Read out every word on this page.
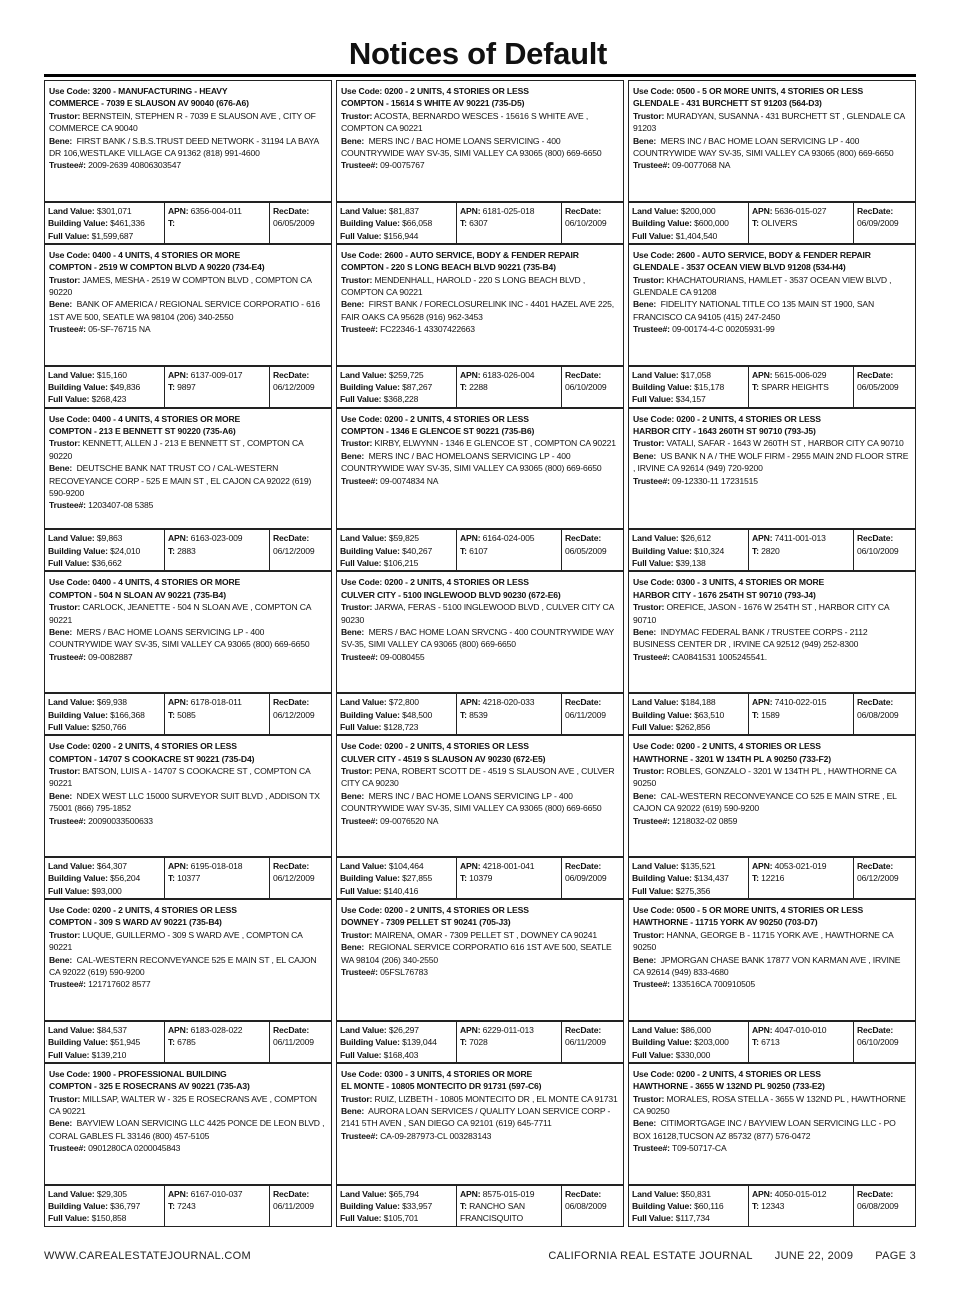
Notices of Default
Use Code: 3200 - MANUFACTURING - HEAVY
COMMERCE - 7039 E SLAUSON AV 90040 (676-A6)
Trustor: BERNSTEIN, STEPHEN R - 7039 E SLAUSON AVE , CITY OF COMMERCE CA 90040
Bene: FIRST BANK / S.B.S.TRUST DEED NETWORK - 31194 LA BAYA DR 106,WESTLAKE VILLAGE CA 91362 (818) 991-4600
Trustee#: 2009-2639 40806303547
Land Value: $301,071
Building Value: $461,336
Full Value: $1,599,687
APN: 6356-004-011
T:
RecDate:
06/05/2009
Use Code: 0200 - 2 UNITS, 4 STORIES OR LESS
COMPTON - 15614 S WHITE AV 90221 (735-D5)
Trustor: ACOSTA, BERNARDO WESCES - 15616 S WHITE AVE , COMPTON CA 90221
Bene: MERS INC / BAC HOME LOANS SERVICING - 400 COUNTRYWIDE WAY SV-35, SIMI VALLEY CA 93065 (800) 669-6650
Trustee#: 09-0075767
Land Value: $81,837
Building Value: $66,058
Full Value: $156,944
APN: 6181-025-018
T: 6307
RecDate:
06/10/2009
Use Code: 0500 - 5 OR MORE UNITS, 4 STORIES OR LESS
GLENDALE - 431 BURCHETT ST 91203 (564-D3)
Trustor: MURADYAN, SUSANNA - 431 BURCHETT ST , GLENDALE CA 91203
Bene: MERS INC / BAC HOME LOAN SERVICING LP - 400 COUNTRYWIDE WAY SV-35, SIMI VALLEY CA 93065 (800) 669-6650
Trustee#: 09-0077068 NA
Land Value: $200,000
Building Value: $600,000
Full Value: $1,404,540
APN: 5636-015-027
T: OLIVERS
RecDate:
06/09/2009
Use Code: 0400 - 4 UNITS, 4 STORIES OR MORE
COMPTON - 2519 W COMPTON BLVD A 90220 (734-E4)
Trustor: JAMES, MESHA - 2519 W COMPTON BLVD , COMPTON CA 90220
Bene: BANK OF AMERICA / REGIONAL SERVICE CORPORATIO - 616 1ST AVE 500, SEATLE WA 98104 (206) 340-2550
Trustee#: 05-SF-76715 NA
Land Value: $15,160
Building Value: $49,836
Full Value: $268,423
APN: 6137-009-017
T: 9897
RecDate:
06/12/2009
Use Code: 2600 - AUTO SERVICE, BODY & FENDER REPAIR
COMPTON - 220 S LONG BEACH BLVD 90221 (735-B4)
Trustor: MENDENHALL, HAROLD - 220 S LONG BEACH BLVD , COMPTON CA 90221
Bene: FIRST BANK / FORECLOSURELINK INC - 4401 HAZEL AVE 225, FAIR OAKS CA 95628 (916) 962-3453
Trustee#: FC22346-1 43307422663
Land Value: $259,725
Building Value: $87,267
Full Value: $368,228
APN: 6183-026-004
T: 2288
RecDate:
06/10/2009
Use Code: 2600 - AUTO SERVICE, BODY & FENDER REPAIR
GLENDALE - 3537 OCEAN VIEW BLVD 91208 (534-H4)
Trustor: KHACHATOURIANS, HAMLET - 3537 OCEAN VIEW BLVD , GLENDALE CA 91208
Bene: FIDELITY NATIONAL TITLE CO 135 MAIN ST 1900, SAN FRANCISCO CA 94105 (415) 247-2450
Trustee#: 09-00174-4-C 00205931-99
Land Value: $17,058
Building Value: $15,178
Full Value: $34,157
APN: 5615-006-029
T: SPARR HEIGHTS
RecDate:
06/05/2009
Use Code: 0400 - 4 UNITS, 4 STORIES OR MORE
COMPTON - 213 E BENNETT ST 90220 (735-A6)
Trustor: KENNETT, ALLEN J - 213 E BENNETT ST , COMPTON CA 90220
Bene: DEUTSCHE BANK NAT TRUST CO / CAL-WESTERN RECOVEYANCE CORP - 525 E MAIN ST , EL CAJON CA 92022 (619) 590-9200
Trustee#: 1203407-08 5385
Land Value: $9,863
Building Value: $24,010
Full Value: $36,662
APN: 6163-023-009
T: 2883
RecDate:
06/12/2009
Use Code: 0200 - 2 UNITS, 4 STORIES OR LESS
COMPTON - 1346 E GLENCOE ST 90221 (735-B6)
Trustor: KIRBY, ELWYNN - 1346 E GLENCOE ST , COMPTON CA 90221
Bene: MERS INC / BAC HOMELOANS SERVICING LP - 400 COUNTRYWIDE WAY SV-35, SIMI VALLEY CA 93065 (800) 669-6650
Trustee#: 09-0074834 NA
Land Value: $59,825
Building Value: $40,267
Full Value: $106,215
APN: 6164-024-005
T: 6107
RecDate:
06/05/2009
Use Code: 0200 - 2 UNITS, 4 STORIES OR LESS
HARBOR CITY - 1643 260TH ST 90710 (793-J5)
Trustor: VATALI, SAFAR - 1643 W 260TH ST , HARBOR CITY CA 90710
Bene: US BANK N A / THE WOLF FIRM - 2955 MAIN 2ND FLOOR STRE , IRVINE CA 92614 (949) 720-9200
Trustee#: 09-12330-11 17231515
Land Value: $26,612
Building Value: $10,324
Full Value: $39,138
APN: 7411-001-013
T: 2820
RecDate:
06/10/2009
Use Code: 0400 - 4 UNITS, 4 STORIES OR MORE
COMPTON - 504 N SLOAN AV 90221 (735-B4)
Trustor: CARLOCK, JEANETTE - 504 N SLOAN AVE , COMPTON CA 90221
Bene: MERS / BAC HOME LOANS SERVICING LP - 400 COUNTRYWIDE WAY SV-35, SIMI VALLEY CA 93065 (800) 669-6650
Trustee#: 09-0082887
Land Value: $69,938
Building Value: $166,368
Full Value: $250,766
APN: 6178-018-011
T: 5085
RecDate:
06/12/2009
Use Code: 0200 - 2 UNITS, 4 STORIES OR LESS
CULVER CITY - 5100 INGLEWOOD BLVD 90230 (672-E6)
Trustor: JARWA, FERAS - 5100 INGLEWOOD BLVD , CULVER CITY CA 90230
Bene: MERS / BAC HOME LOAN SRVCNG - 400 COUNTRYWIDE WAY SV-35, SIMI VALLEY CA 93065 (800) 669-6650
Trustee#: 09-0080455
Land Value: $72,800
Building Value: $48,500
Full Value: $128,723
APN: 4218-020-033
T: 8539
RecDate:
06/11/2009
Use Code: 0300 - 3 UNITS, 4 STORIES OR MORE
HARBOR CITY - 1676 254TH ST 90710 (793-J4)
Trustor: OREFICE, JASON - 1676 W 254TH ST , HARBOR CITY CA 90710
Bene: INDYMAC FEDERAL BANK / TRUSTEE CORPS - 2112 BUSINESS CENTER DR , IRVINE CA 92512 (949) 252-8300
Trustee#: CA0841531 1005245541.
Land Value: $184,188
Building Value: $63,510
Full Value: $262,856
APN: 7410-022-015
T: 1589
RecDate:
06/08/2009
Use Code: 0200 - 2 UNITS, 4 STORIES OR LESS
COMPTON - 14707 S COOKACRE ST 90221 (735-D4)
Trustor: BATSON, LUIS A - 14707 S COOKACRE ST , COMPTON CA 90221
Bene: NDEX WEST LLC 15000 SURVEYOR SUIT BLVD , ADDISON TX 75001 (866) 795-1852
Trustee#: 20090033500633
Land Value: $64,307
Building Value: $56,204
Full Value: $93,000
APN: 6195-018-018
T: 10377
RecDate:
06/12/2009
Use Code: 0200 - 2 UNITS, 4 STORIES OR LESS
CULVER CITY - 4519 S SLAUSON AV 90230 (672-E5)
Trustor: PENA, ROBERT SCOTT DE - 4519 S SLAUSON AVE , CULVER CITY CA 90230
Bene: MERS INC / BAC HOME LOANS SERVICING LP - 400 COUNTRYWIDE WAY SV-35, SIMI VALLEY CA 93065 (800) 669-6650
Trustee#: 09-0076520 NA
Land Value: $104,464
Building Value: $27,855
Full Value: $140,416
APN: 4218-001-041
T: 10379
RecDate:
06/09/2009
Use Code: 0200 - 2 UNITS, 4 STORIES OR LESS
HAWTHORNE - 3201 W 134TH PL A 90250 (733-F2)
Trustor: ROBLES, GONZALO - 3201 W 134TH PL , HAWTHORNE CA 90250
Bene: CAL-WESTERN RECONVEYANCE CO 525 E MAIN STRE , EL CAJON CA 92022 (619) 590-9200
Trustee#: 1218032-02 0859
Land Value: $135,521
Building Value: $134,437
Full Value: $275,356
APN: 4053-021-019
T: 12216
RecDate:
06/12/2009
Use Code: 0200 - 2 UNITS, 4 STORIES OR LESS
COMPTON - 309 S WARD AV 90221 (735-B4)
Trustor: LUQUE, GUILLERMO - 309 S WARD AVE , COMPTON CA 90221
Bene: CAL-WESTERN RECONVEYANCE 525 E MAIN ST , EL CAJON CA 92022 (619) 590-9200
Trustee#: 121717602 8577
Land Value: $84,537
Building Value: $51,945
Full Value: $139,210
APN: 6183-028-022
T: 6785
RecDate:
06/11/2009
Use Code: 0200 - 2 UNITS, 4 STORIES OR LESS
DOWNEY - 7309 PELLET ST 90241 (705-J3)
Trustor: MAIRENA, OMAR - 7309 PELLET ST , DOWNEY CA 90241
Bene: REGIONAL SERVICE CORPORATIO 616 1ST AVE 500, SEATLE WA 98104 (206) 340-2550
Trustee#: 05FSL76783
Land Value: $26,297
Building Value: $139,044
Full Value: $168,403
APN: 6229-011-013
T: 7028
RecDate:
06/11/2009
Use Code: 0500 - 5 OR MORE UNITS, 4 STORIES OR LESS
HAWTHORNE - 11715 YORK AV 90250 (703-D7)
Trustor: HANNA, GEORGE B - 11715 YORK AVE , HAWTHORNE CA 90250
Bene: JPMORGAN CHASE BANK 17877 VON KARMAN AVE , IRVINE CA 92614 (949) 833-4680
Trustee#: 133516CA 700910505
Land Value: $86,000
Building Value: $203,000
Full Value: $330,000
APN: 4047-010-010
T: 6713
RecDate:
06/10/2009
Use Code: 1900 - PROFESSIONAL BUILDING
COMPTON - 325 E ROSECRANS AV 90221 (735-A3)
Trustor: MILLSAP, WALTER W - 325 E ROSECRANS AVE , COMPTON CA 90221
Bene: BAYVIEW LOAN SERVICING LLC 4425 PONCE DE LEON BLVD , CORAL GABLES FL 33146 (800) 457-5105
Trustee#: 0901280CA 0200045843
Land Value: $29,305
Building Value: $36,797
Full Value: $150,858
APN: 6167-010-037
T: 7243
RecDate:
06/11/2009
Use Code: 0300 - 3 UNITS, 4 STORIES OR MORE
EL MONTE - 10805 MONTECITO DR 91731 (597-C6)
Trustor: RUIZ, LIZBETH - 10805 MONTECITO DR , EL MONTE CA 91731
Bene: AURORA LOAN SERVICES / QUALITY LOAN SERVICE CORP - 2141 5TH AVEN , SAN DIEGO CA 92101 (619) 645-7711
Trustee#: CA-09-287973-CL 003283143
Land Value: $65,794
Building Value: $33,957
Full Value: $105,701
APN: 8575-015-019
T: RANCHO SAN FRANCISQUITO
RecDate:
06/08/2009
Use Code: 0200 - 2 UNITS, 4 STORIES OR LESS
HAWTHORNE - 3655 W 132ND PL 90250 (733-E2)
Trustor: MORALES, ROSA STELLA - 3655 W 132ND PL , HAWTHORNE CA 90250
Bene: CITIMORTGAGE INC / BAYVIEW LOAN SERVICING LLC - PO BOX 16128,TUCSON AZ 85732 (877) 576-0472
Trustee#: T09-50717-CA
Land Value: $50,831
Building Value: $60,116
Full Value: $117,734
APN: 4050-015-012
T: 12343
RecDate:
06/08/2009
WWW.CAREALESTATEJOURNAL.COM	CALIFORNIA REAL ESTATE JOURNAL JUNE 22, 2009 PAGE 3
